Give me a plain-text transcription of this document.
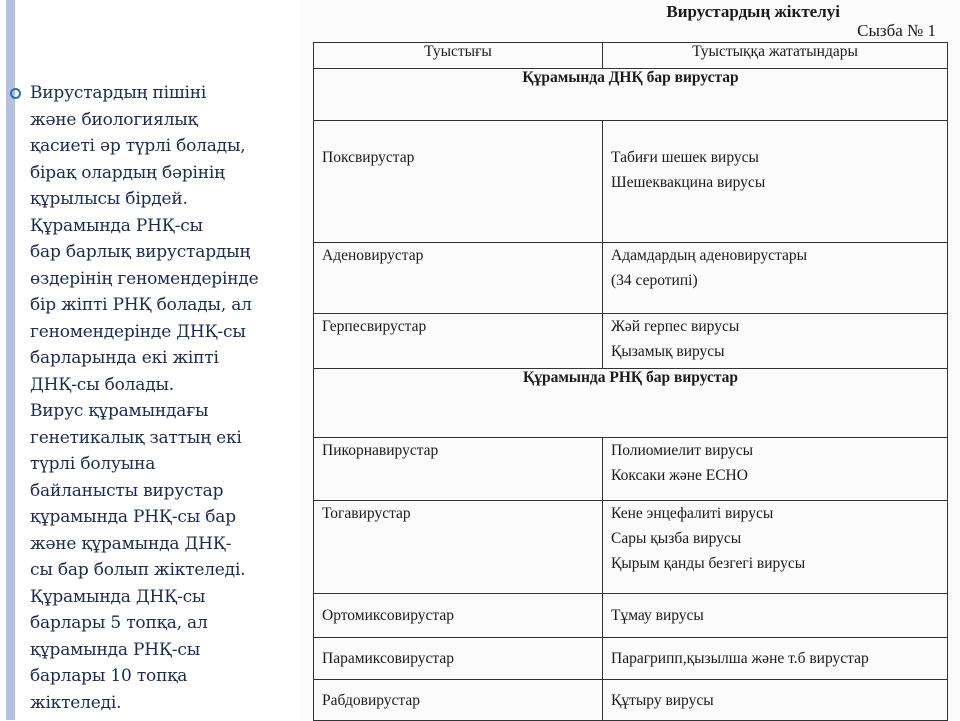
Вирустардың пішіні
және биологиялық
қасиеті әр түрлі болады,
бірақ олардың бәрінің
құрылысы бірдей.

Құрамында РНҚ-сы
бар барлық вирустардың
өздерінің геномендерінде
бір жіпті РНҚ болады, ал
геномендерінде ДНҚ-сы
барларында екі жіпті
ДНҚ-сы болады.

Вирус құрамындағы
генетикалық заттың екі
түрлі болуына
байланысты вирустар
құрамында РНҚ-сы бар
және құрамында ДНҚ-
сы бар болып жіктеледі.
Құрамында ДНҚ-сы
барлары 5 топқа, ал
құрамында РНҚ-сы
барлары 10 топқа
жіктеледі.

Вирустардың жіктелуі
Сызба № 1
Туыстығы	Туыстыққа жататындары
Құрамында ДНҚ бар вирустар	

Поксвирустар	Табиғи шешек вирусы
Шешеквакцина вирусы

Аденовирустар	Адамдардың аденовирустары
(34 серотипі)

Герпесвирустар	Жәй герпес вирусы
Қызамық вирусы

Құрамында РНҚ бар вирустар	

Пикорнавирустар	Полиомиелит вирусы
Коксаки және ЕСНО

Тогавирустар	Кене энцефалиті вирусы
Сары қызба вирусы
Қырым қанды безгегі вирусы

Ортомиксовирустар	Тұмау вирусы

Парамиксовирустар	Парагрипп,қызылша және т.б вирустар

Рабдовирустар	Құтыру вирусы
